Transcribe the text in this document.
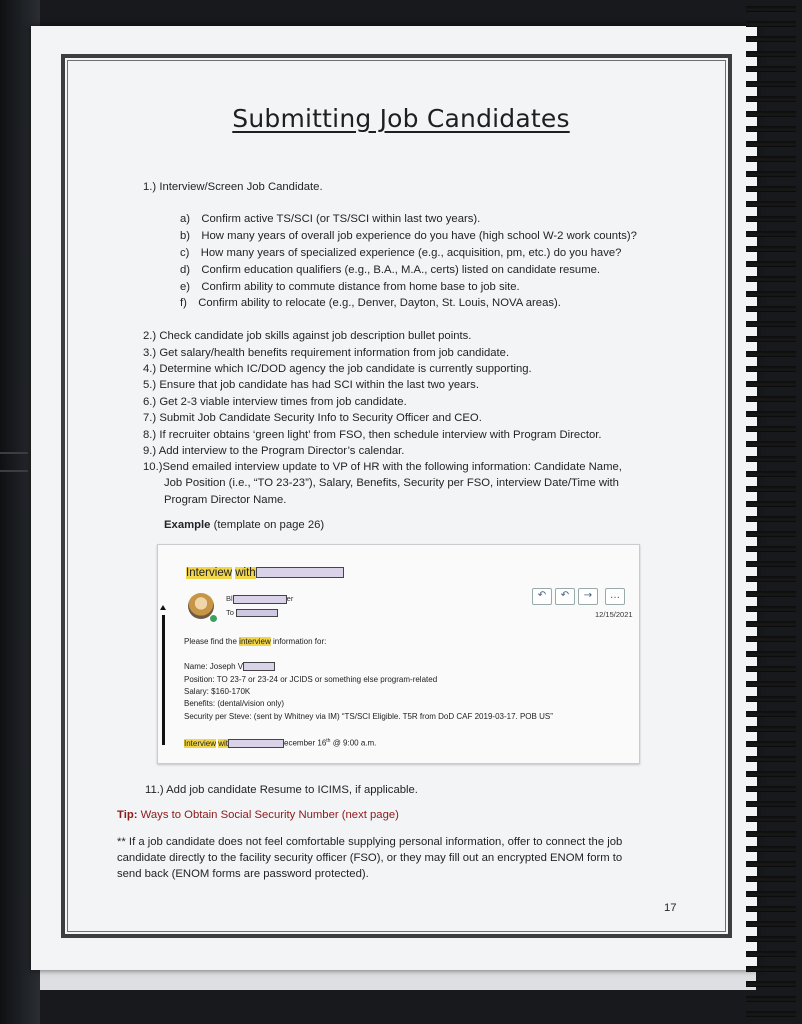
Submitting Job Candidates
1.) Interview/Screen Job Candidate.
a) Confirm active TS/SCI (or TS/SCI within last two years).
b) How many years of overall job experience do you have (high school W-2 work counts)?
c) How many years of specialized experience (e.g., acquisition, pm, etc.) do you have?
d) Confirm education qualifiers (e.g., B.A., M.A., certs) listed on candidate resume.
e) Confirm ability to commute distance from home base to job site.
f) Confirm ability to relocate (e.g., Denver, Dayton, St. Louis, NOVA areas).
2.) Check candidate job skills against job description bullet points.
3.) Get salary/health benefits requirement information from job candidate.
4.) Determine which IC/DOD agency the job candidate is currently supporting.
5.) Ensure that job candidate has had SCI within the last two years.
6.) Get 2-3 viable interview times from job candidate.
7.) Submit Job Candidate Security Info to Security Officer and CEO.
8.) If recruiter obtains ‘green light’ from FSO, then schedule interview with Program Director.
9.) Add interview to the Program Director’s calendar.
10.)Send emailed interview update to VP of HR with the following information: Candidate Name,
Job Position (i.e., “TO 23-23”), Salary, Benefits, Security per FSO, interview Date/Time with
Program Director Name.
Example (template on page 26)
Interview with
Bl	er
To
↶	↶	→	…
12/15/2021
Please find the interview information for:
Name: Joseph V
Position: TO 23-7 or 23-24 or JCIDS or something else program-related
Salary: $160-170K
Benefits: (dental/vision only)
Security per Steve: (sent by Whitney via IM) “TS/SCI Eligible. T5R from DoD CAF 2019-03-17. POB US”
Interview wit	ecember 16th @ 9:00 a.m.
11.) Add job candidate Resume to ICIMS, if applicable.
Tip: Ways to Obtain Social Security Number (next page)
** If a job candidate does not feel comfortable supplying personal information, offer to connect the job
candidate directly to the facility security officer (FSO), or they may fill out an encrypted ENOM form to
send back (ENOM forms are password protected).
17
